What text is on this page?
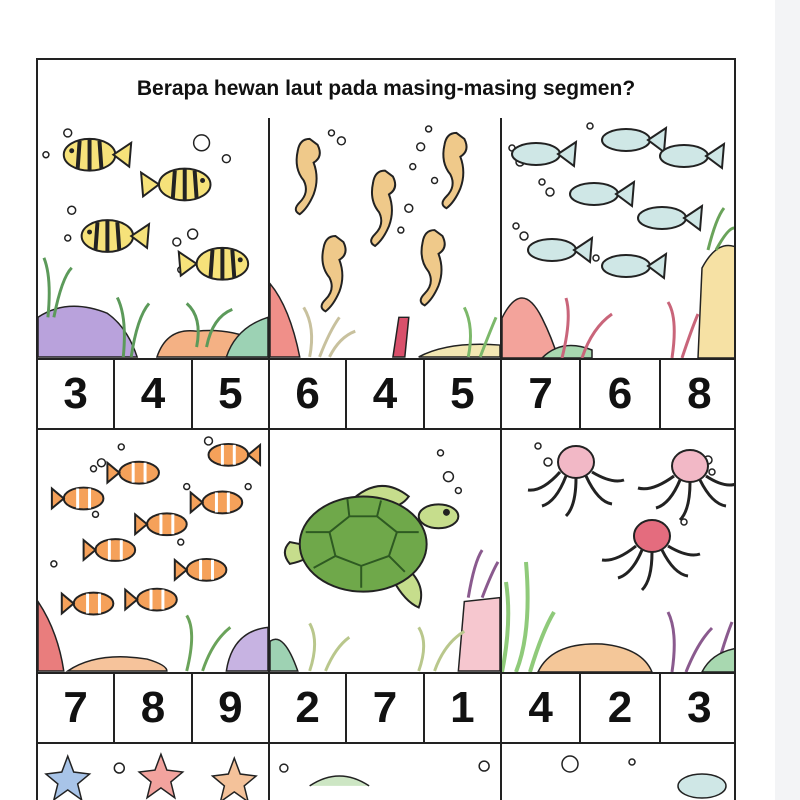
Berapa hewan laut pada masing-masing segmen?
3	4	5	6	4	5	7	6	8
7	8	9	2	7	1	4	2	3
